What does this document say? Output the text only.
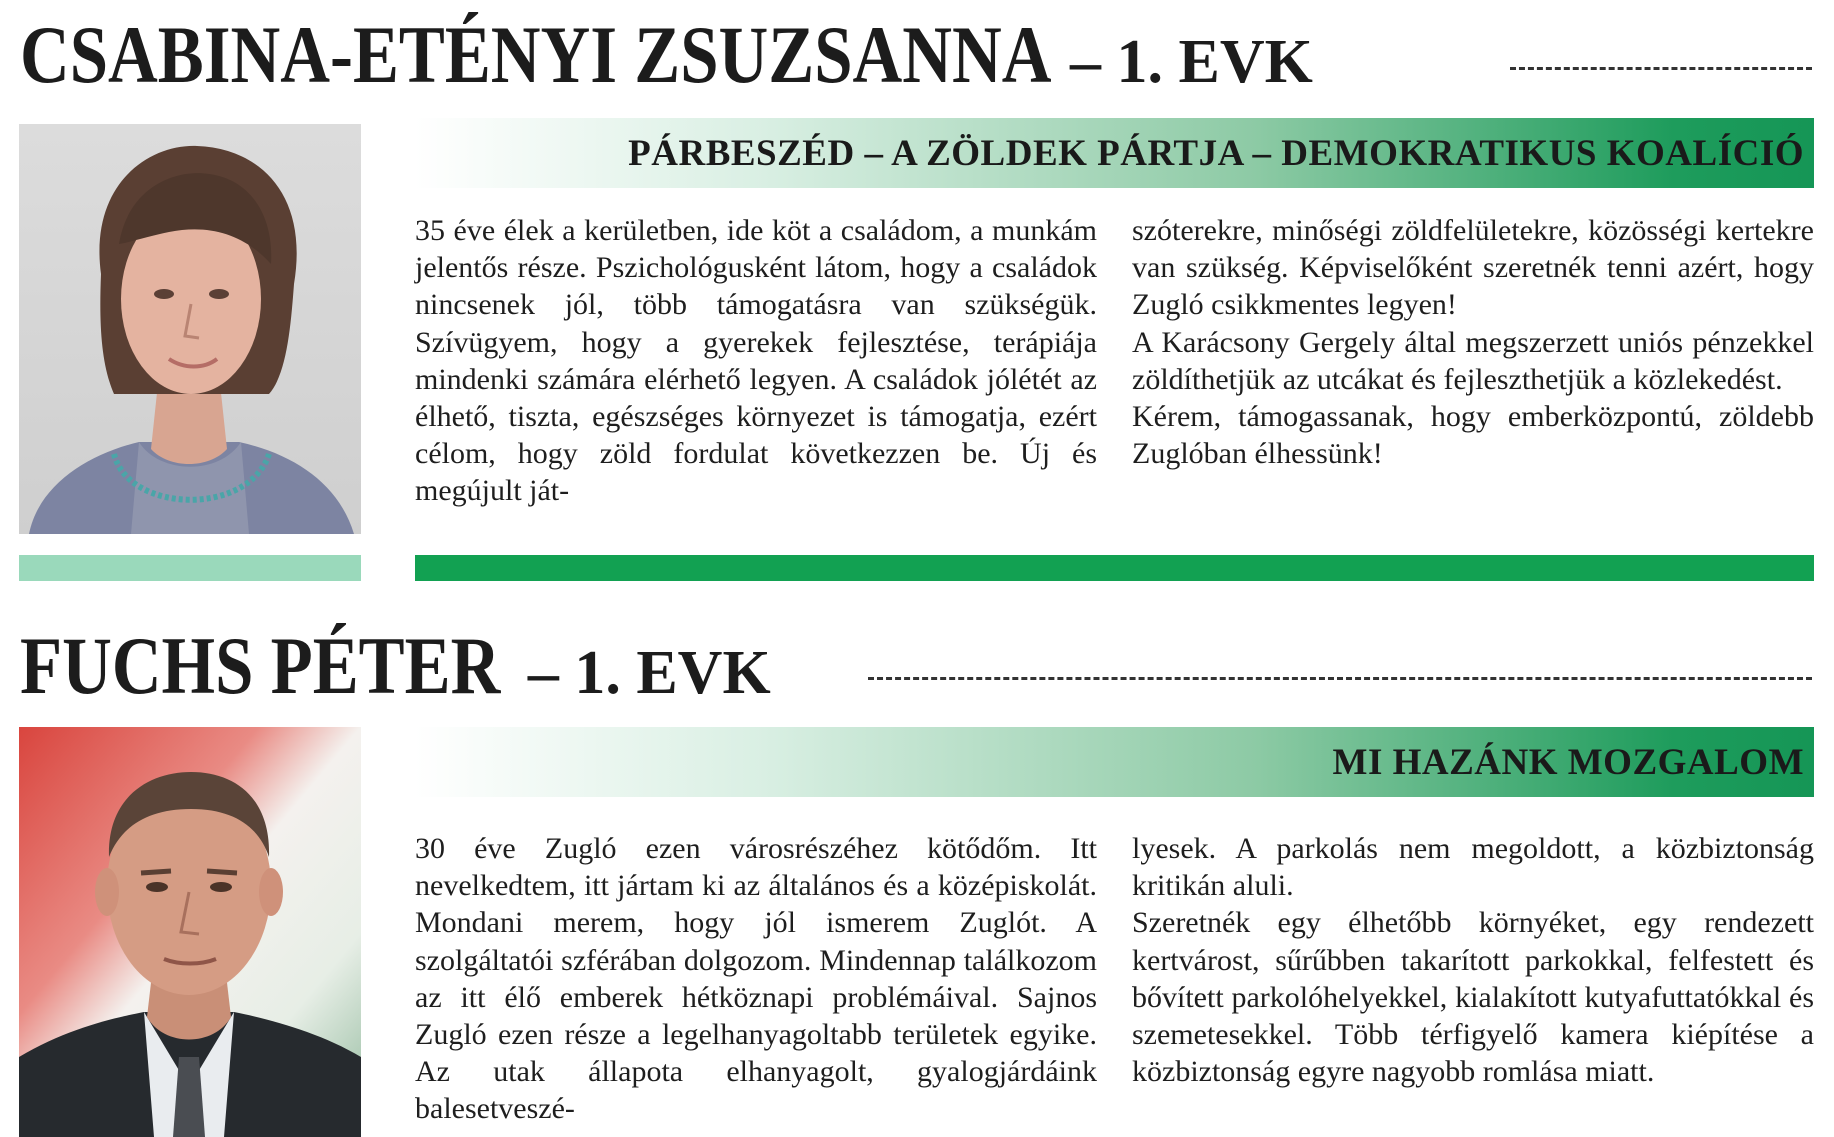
CSABINA-ETÉNYI ZSUZSANNA – 1. EVK
PÁRBESZÉD – A ZÖLDEK PÁRTJA – DEMOKRATIKUS KOALÍCIÓ

35 éve élek a kerületben, ide köt a családom, a munkám jelentős része. Pszichológusként látom, hogy a családok nincsenek jól, több támogatásra van szükségük. Szívügyem, hogy a gyerekek fejlesztése, terápiája mindenki számára elérhető legyen. A családok jólétét az élhető, tiszta, egészséges környezet is támogatja, ezért célom, hogy zöld fordulat következzen be. Új és megújult ját-

szóterekre, minőségi zöldfelületekre, közösségi kertekre van szükség. Képviselőként szeretnék tenni azért, hogy Zugló csikkmentes legyen!

A Karácsony Gergely által megszerzett uniós pénzekkel zöldíthetjük az utcákat és fejleszthetjük a közlekedést.

Kérem, támogassanak, hogy emberközpontú, zöldebb Zuglóban élhessünk!

FUCHS PÉTER – 1. EVK
MI HAZÁNK MOZGALOM

30 éve Zugló ezen városrészéhez kötődőm. Itt nevelkedtem, itt jártam ki az általános és a középiskolát. Mondani merem, hogy jól ismerem Zuglót. A szolgáltatói szférában dolgozom. Mindennap találkozom az itt élő emberek hétköznapi problémáival. Sajnos Zugló ezen része a legelhanyagoltabb területek egyike. Az utak állapota elhanyagolt, gyalogjárdáink balesetveszé-

lyesek. A parkolás nem megoldott, a közbiztonság kritikán aluli.

Szeretnék egy élhetőbb környéket, egy rendezett kertvárost, sűrűbben takarított parkokkal, felfestett és bővített parkolóhelyekkel, kialakított kutyafuttatókkal és szemetesekkel. Több térfigyelő kamera kiépítése a közbiztonság egyre nagyobb romlása miatt.
